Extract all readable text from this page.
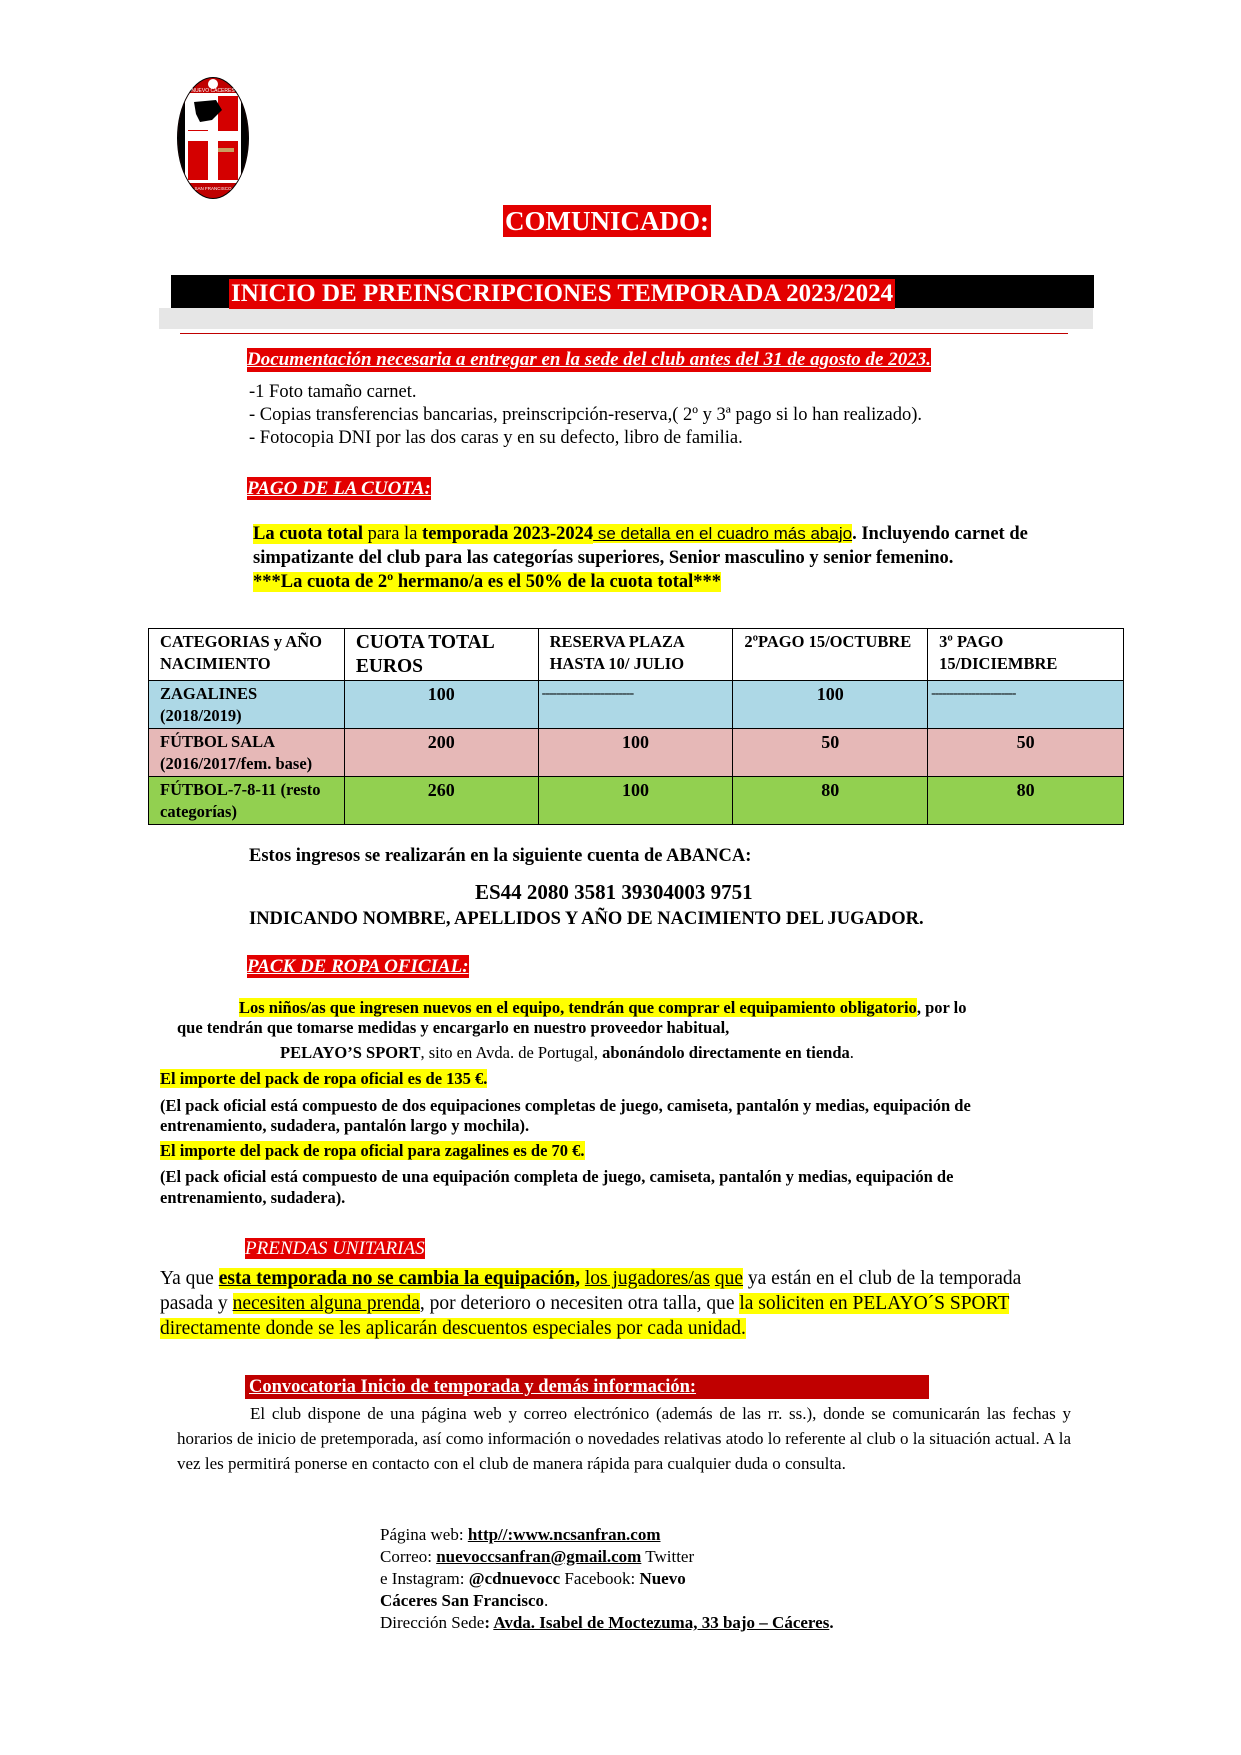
NUEVO CÁCERES
SAN FRANCISCO
COMUNICADO:
INICIO DE PREINSCRIPCIONES TEMPORADA 2023/2024
Documentación necesaria a entregar en la sede del club antes del 31 de agosto de 2023.
-1 Foto tamaño carnet.
- Copias transferencias bancarias, preinscripción-reserva,( 2º y 3ª pago si lo han realizado).
- Fotocopia DNI por las dos caras y en su defecto, libro de familia.
PAGO DE LA CUOTA:
La cuota total para la temporada 2023-2024 se detalla en el cuadro más abajo. Incluyendo carnet de
simpatizante del club para las categorías superiores, Senior masculino y senior femenino.
***La cuota de 2º hermano/a es el 50% de la cuota total***
CATEGORIAS y AÑO NACIMIENTO	CUOTA TOTAL EUROS	RESERVA PLAZA HASTA 10/ JULIO	2ºPAGO 15/OCTUBRE	3º PAGO 15/DICIEMBRE
ZAGALINES (2018/2019)	100	-------------------------	100	-----------------------
FÚTBOL SALA (2016/2017/fem. base)	200	100	50	50
FÚTBOL-7-8-11 (resto categorías)	260	100	80	80
Estos ingresos se realizarán en la siguiente cuenta de ABANCA:
ES44 2080 3581 39304003 9751
INDICANDO NOMBRE, APELLIDOS Y AÑO DE NACIMIENTO DEL JUGADOR.
PACK DE ROPA OFICIAL:
Los niños/as que ingresen nuevos en el equipo, tendrán que comprar el equipamiento obligatorio, por lo
que tendrán que tomarse medidas y encargarlo en nuestro proveedor habitual,
PELAYO’S SPORT, sito en Avda. de Portugal, abonándolo directamente en tienda.
El importe del pack de ropa oficial es de 135 €.
(El pack oficial está compuesto de dos equipaciones completas de juego, camiseta, pantalón y medias, equipación de
entrenamiento, sudadera, pantalón largo y mochila).
El importe del pack de ropa oficial para zagalines es de 70 €.
(El pack oficial está compuesto de una equipación completa de juego, camiseta, pantalón y medias, equipación de
entrenamiento, sudadera).
PRENDAS UNITARIAS
Ya que esta temporada no se cambia la equipación, los jugadores/as que ya están en el club de la temporada
pasada y necesiten alguna prenda, por deterioro o necesiten otra talla, que la soliciten en PELAYO´S SPORT
directamente donde se les aplicarán descuentos especiales por cada unidad.
Convocatoria Inicio de temporada y demás información:
El club dispone de una página web y correo electrónico (además de las rr. ss.), donde se comunicarán las fechas y horarios de inicio de pretemporada, así como información o novedades relativas atodo lo referente al club o la situación actual. A la vez les permitirá ponerse en contacto con el club de manera rápida para cualquier duda o consulta.
Página web: http//:www.ncsanfran.com
Correo: nuevoccsanfran@gmail.com Twitter
e Instagram: @cdnuevocc Facebook: Nuevo
Cáceres San Francisco.
Dirección Sede: Avda. Isabel de Moctezuma, 33 bajo – Cáceres.
